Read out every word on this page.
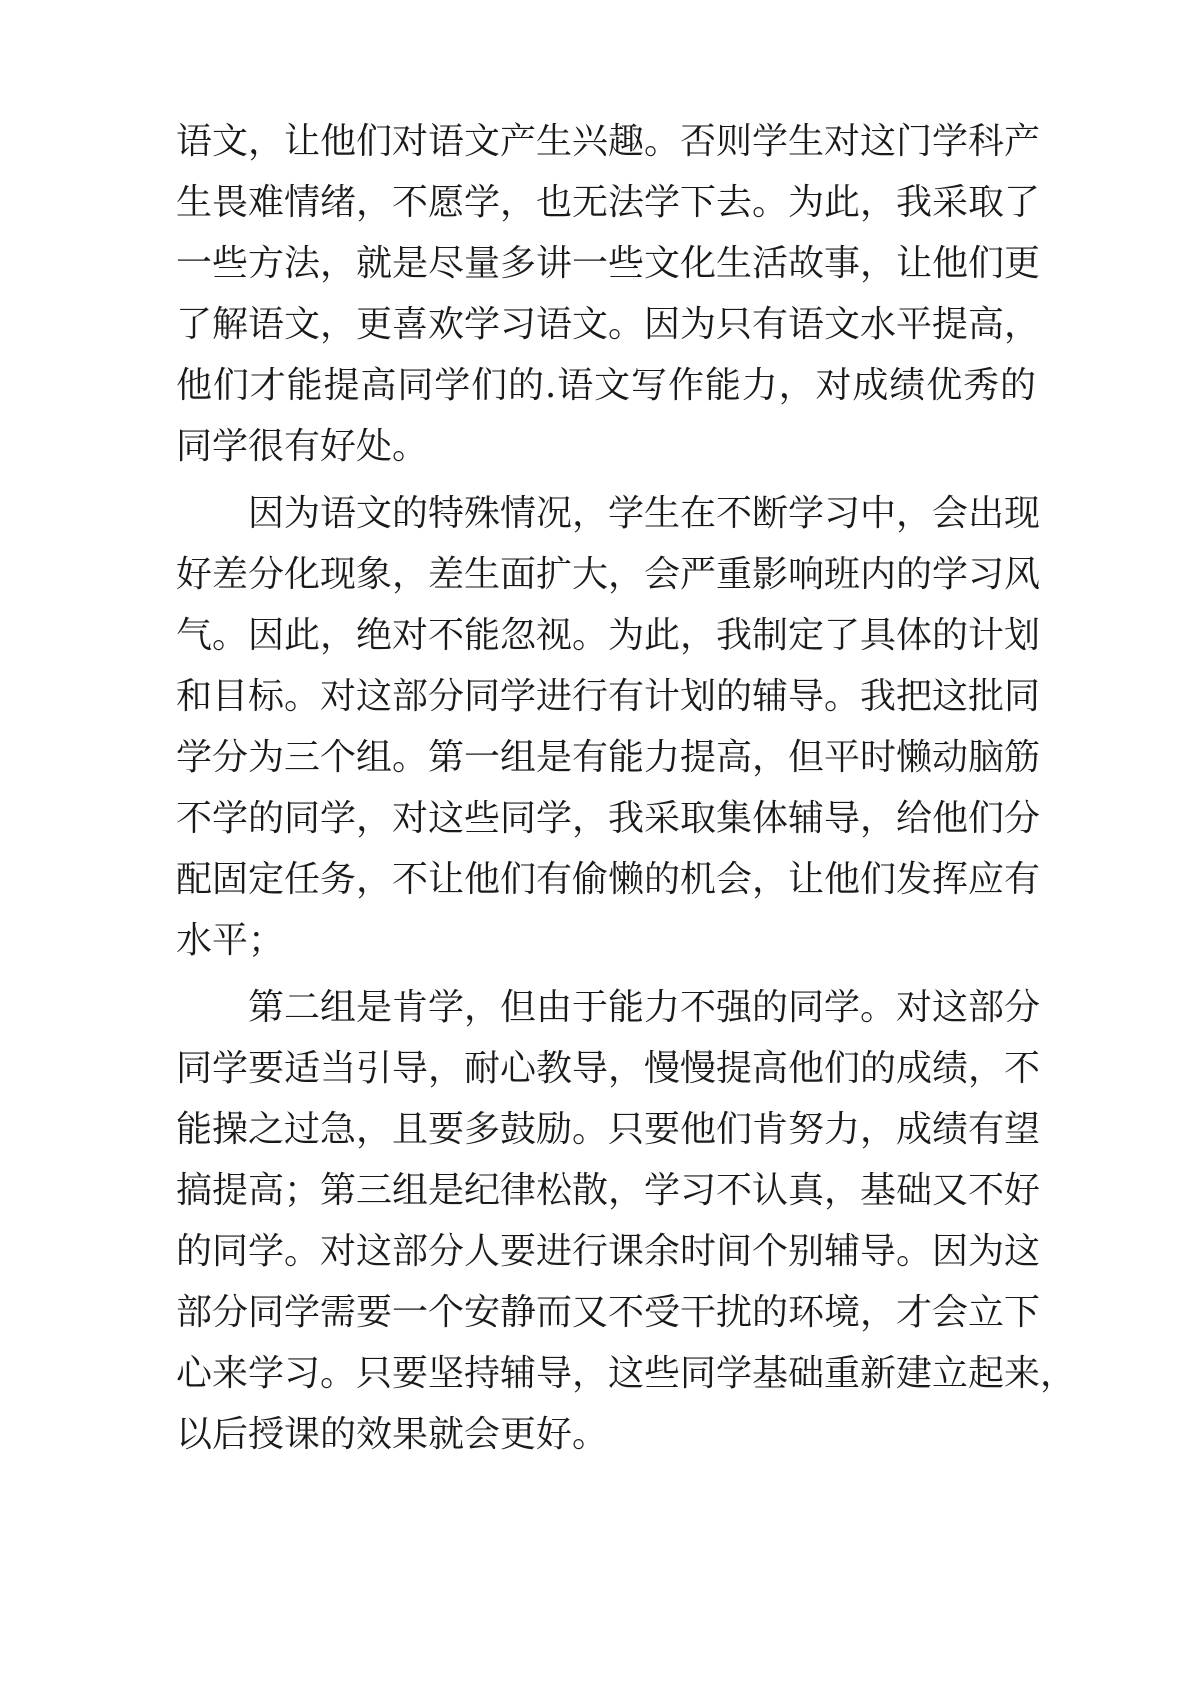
语文，让他们对语文产生兴趣。否则学生对这门学科产
生畏难情绪，不愿学，也无法学下去。为此，我采取了
一些方法，就是尽量多讲一些文化生活故事，让他们更
了解语文，更喜欢学习语文。因为只有语文水平提高，
他们才能提高同学们的.语文写作能力，对成绩优秀的
同学很有好处。
因为语文的特殊情况，学生在不断学习中，会出现
好差分化现象，差生面扩大，会严重影响班内的学习风
气。因此，绝对不能忽视。为此，我制定了具体的计划
和目标。对这部分同学进行有计划的辅导。我把这批同
学分为三个组。第一组是有能力提高，但平时懒动脑筋
不学的同学，对这些同学，我采取集体辅导，给他们分
配固定任务，不让他们有偷懒的机会，让他们发挥应有
水平；
第二组是肯学，但由于能力不强的同学。对这部分
同学要适当引导，耐心教导，慢慢提高他们的成绩，不
能操之过急，且要多鼓励。只要他们肯努力，成绩有望
搞提高；第三组是纪律松散，学习不认真，基础又不好
的同学。对这部分人要进行课余时间个别辅导。因为这
部分同学需要一个安静而又不受干扰的环境，才会立下
心来学习。只要坚持辅导，这些同学基础重新建立起来，
以后授课的效果就会更好。
